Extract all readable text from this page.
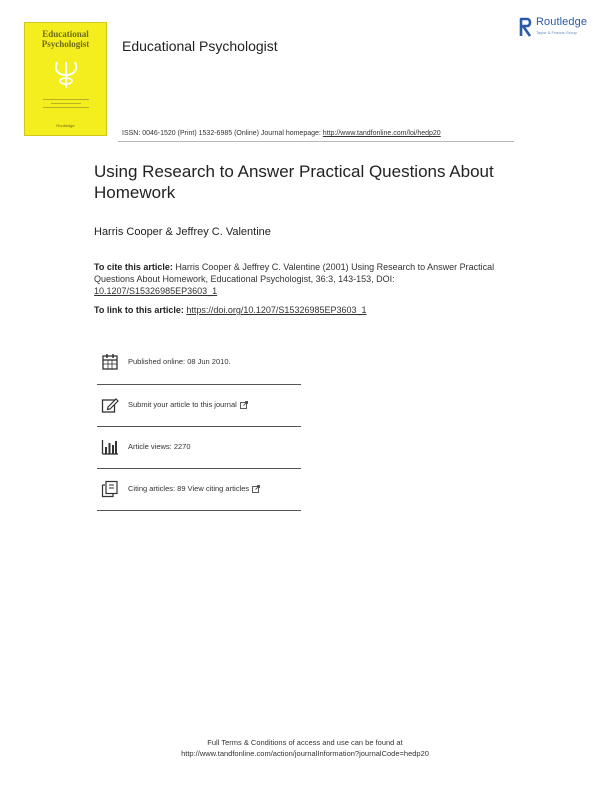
Educational
Psychologist
Routledge
Educational Psychologist
Routledge
Taylor & Francis Group
ISSN: 0046-1520 (Print) 1532-6985 (Online) Journal homepage: http://www.tandfonline.com/loi/hedp20
Using Research to Answer Practical Questions About Homework
Harris Cooper & Jeffrey C. Valentine
To cite this article: Harris Cooper & Jeffrey C. Valentine (2001) Using Research to Answer Practical Questions About Homework, Educational Psychologist, 36:3, 143-153, DOI: 10.1207/S15326985EP3603_1
To link to this article: https://doi.org/10.1207/S15326985EP3603_1
Published online: 08 Jun 2010.
Submit your article to this journal
Article views: 2270
Citing articles: 89 View citing articles
Full Terms & Conditions of access and use can be found at
http://www.tandfonline.com/action/journalInformation?journalCode=hedp20
